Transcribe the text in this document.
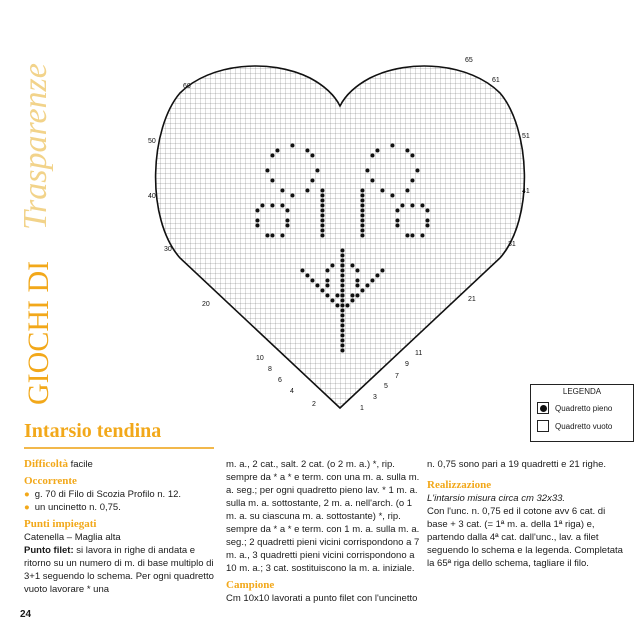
GIOCHI DI
Trasparenze
65
61
51
41
31
21
11
9
7
5
3
1
60
50
40
30
20
10
8
6
4
2
LEGENDA
Quadretto pieno
Quadretto vuoto
Intarsio tendina
Difficoltà facile
Occorrente
● g. 70 di Filo di Scozia Profilo n. 12.
● un uncinetto n. 0,75.
Punti impiegati
Catenella – Maglia alta
Punto filet: si lavora in righe di andata e ritorno su un numero di m. di base multiplo di 3+1 seguendo lo schema. Per ogni quadretto vuoto lavorare * una
m. a., 2 cat., salt. 2 cat. (o 2 m. a.) *, rip. sempre da * a * e term. con una m. a. sulla m. a. seg.; per ogni quadretto pieno lav. * 1 m. a. sulla m. a. sottostante, 2 m. a. nell'arch. (o 1 m. a. su ciascuna m. a. sottostante) *, rip. sempre da * a * e term. con 1 m. a. sulla m. a. seg.; 2 quadretti pieni vicini corrispondono a 7 m. a., 3 quadretti pieni vicini corrispondono a 10 m. a.; 3 cat. sostituiscono la m. a. iniziale.
Campione
Cm 10x10 lavorati a punto filet con l'uncinetto
n. 0,75 sono pari a 19 quadretti e 21 righe.
Realizzazione
L'intarsio misura circa cm 32x33.
Con l'unc. n. 0,75 ed il cotone avv 6 cat. di base + 3 cat. (= 1ª m. a. della 1ª riga) e, partendo dalla 4ª cat. dall'unc., lav. a filet seguendo lo schema e la legenda. Completata la 65ª riga dello schema, tagliare il filo.
24
